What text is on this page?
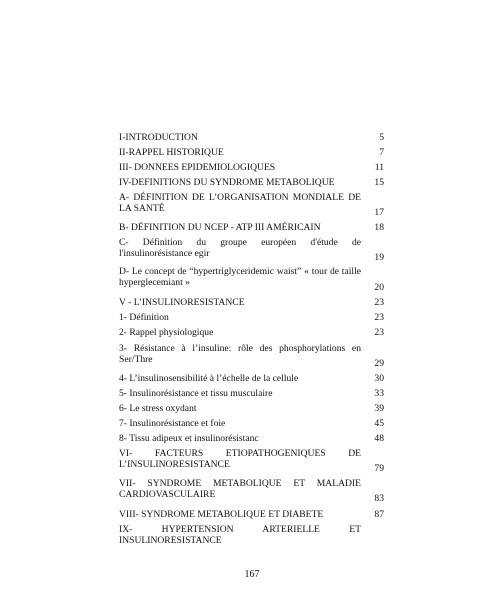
I-INTRODUCTION	5
II-RAPPEL HISTORIQUE	7
III- DONNEES EPIDEMIOLOGIQUES	11
IV-DEFINITIONS DU SYNDROME METABOLIQUE	15
A- DÉFINITION DE L’ORGANISATION MONDIALE DE LA SANTÉ	17
B- DÉFINITION DU NCEP - ATP III AMÉRICAIN	18
C- Définition du groupe européen d'étude de l'insulinorésistance egir	19
D- Le concept de “hypertriglyceridemic waist” « tour de taille hyperglecemiant »	20
V - L’INSULINORESISTANCE	23
1- Définition	23
2- Rappel physiologique	23
3- Résistance à l’insuline: rôle des phosphorylations en Ser/Thre	29
4- L’insulinosensibilité à l’échelle de la cellule	30
5- Insulinorésistance et tissu musculaire	33
6- Le stress oxydant	39
7- Insulinorésistance et foie	45
8- Tissu adipeux et insulinorésistanc	48
VI- FACTEURS ETIOPATHOGENIQUES DE L’INSULINORESISTANCE	79
VII- SYNDROME METABOLIQUE ET MALADIE CARDIOVASCULAIRE	83
VIII- SYNDROME METABOLIQUE ET DIABETE	87
IX- HYPERTENSION ARTERIELLE ET INSULINORESISTANCE
167
